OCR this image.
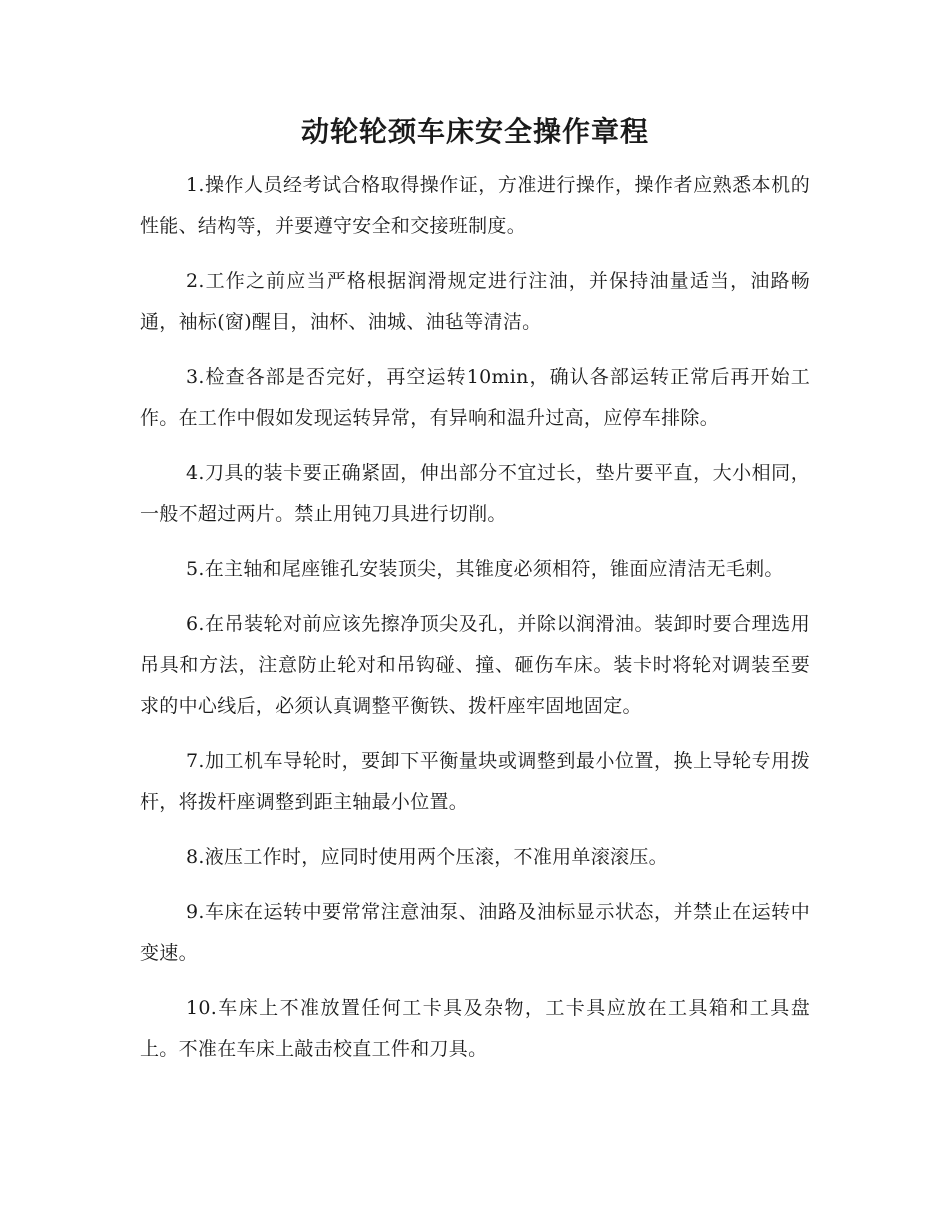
动轮轮颈车床安全操作章程

1.操作人员经考试合格取得操作证，方准进行操作，操作者应熟悉本机的性能、结构等，并要遵守安全和交接班制度。

2.工作之前应当严格根据润滑规定进行注油，并保持油量适当，油路畅通，袖标(窗)醒目，油杯、油城、油毡等清洁。

3.检查各部是否完好，再空运转10min，确认各部运转正常后再开始工作。在工作中假如发现运转异常，有异响和温升过高，应停车排除。

4.刀具的装卡要正确紧固，伸出部分不宜过长，垫片要平直，大小相同，一般不超过两片。禁止用钝刀具进行切削。

5.在主轴和尾座锥孔安装顶尖，其锥度必须相符，锥面应清洁无毛刺。

6.在吊装轮对前应该先擦净顶尖及孔，并除以润滑油。装卸时要合理选用吊具和方法，注意防止轮对和吊钩碰、撞、砸伤车床。装卡时将轮对调装至要求的中心线后，必须认真调整平衡铁、拨杆座牢固地固定。

7.加工机车导轮时，要卸下平衡量块或调整到最小位置，换上导轮专用拨杆，将拨杆座调整到距主轴最小位置。

8.液压工作时，应同时使用两个压滚，不准用单滚滚压。

9.车床在运转中要常常注意油泵、油路及油标显示状态，并禁止在运转中变速。

10.车床上不准放置任何工卡具及杂物，工卡具应放在工具箱和工具盘上。不准在车床上敲击校直工件和刀具。
